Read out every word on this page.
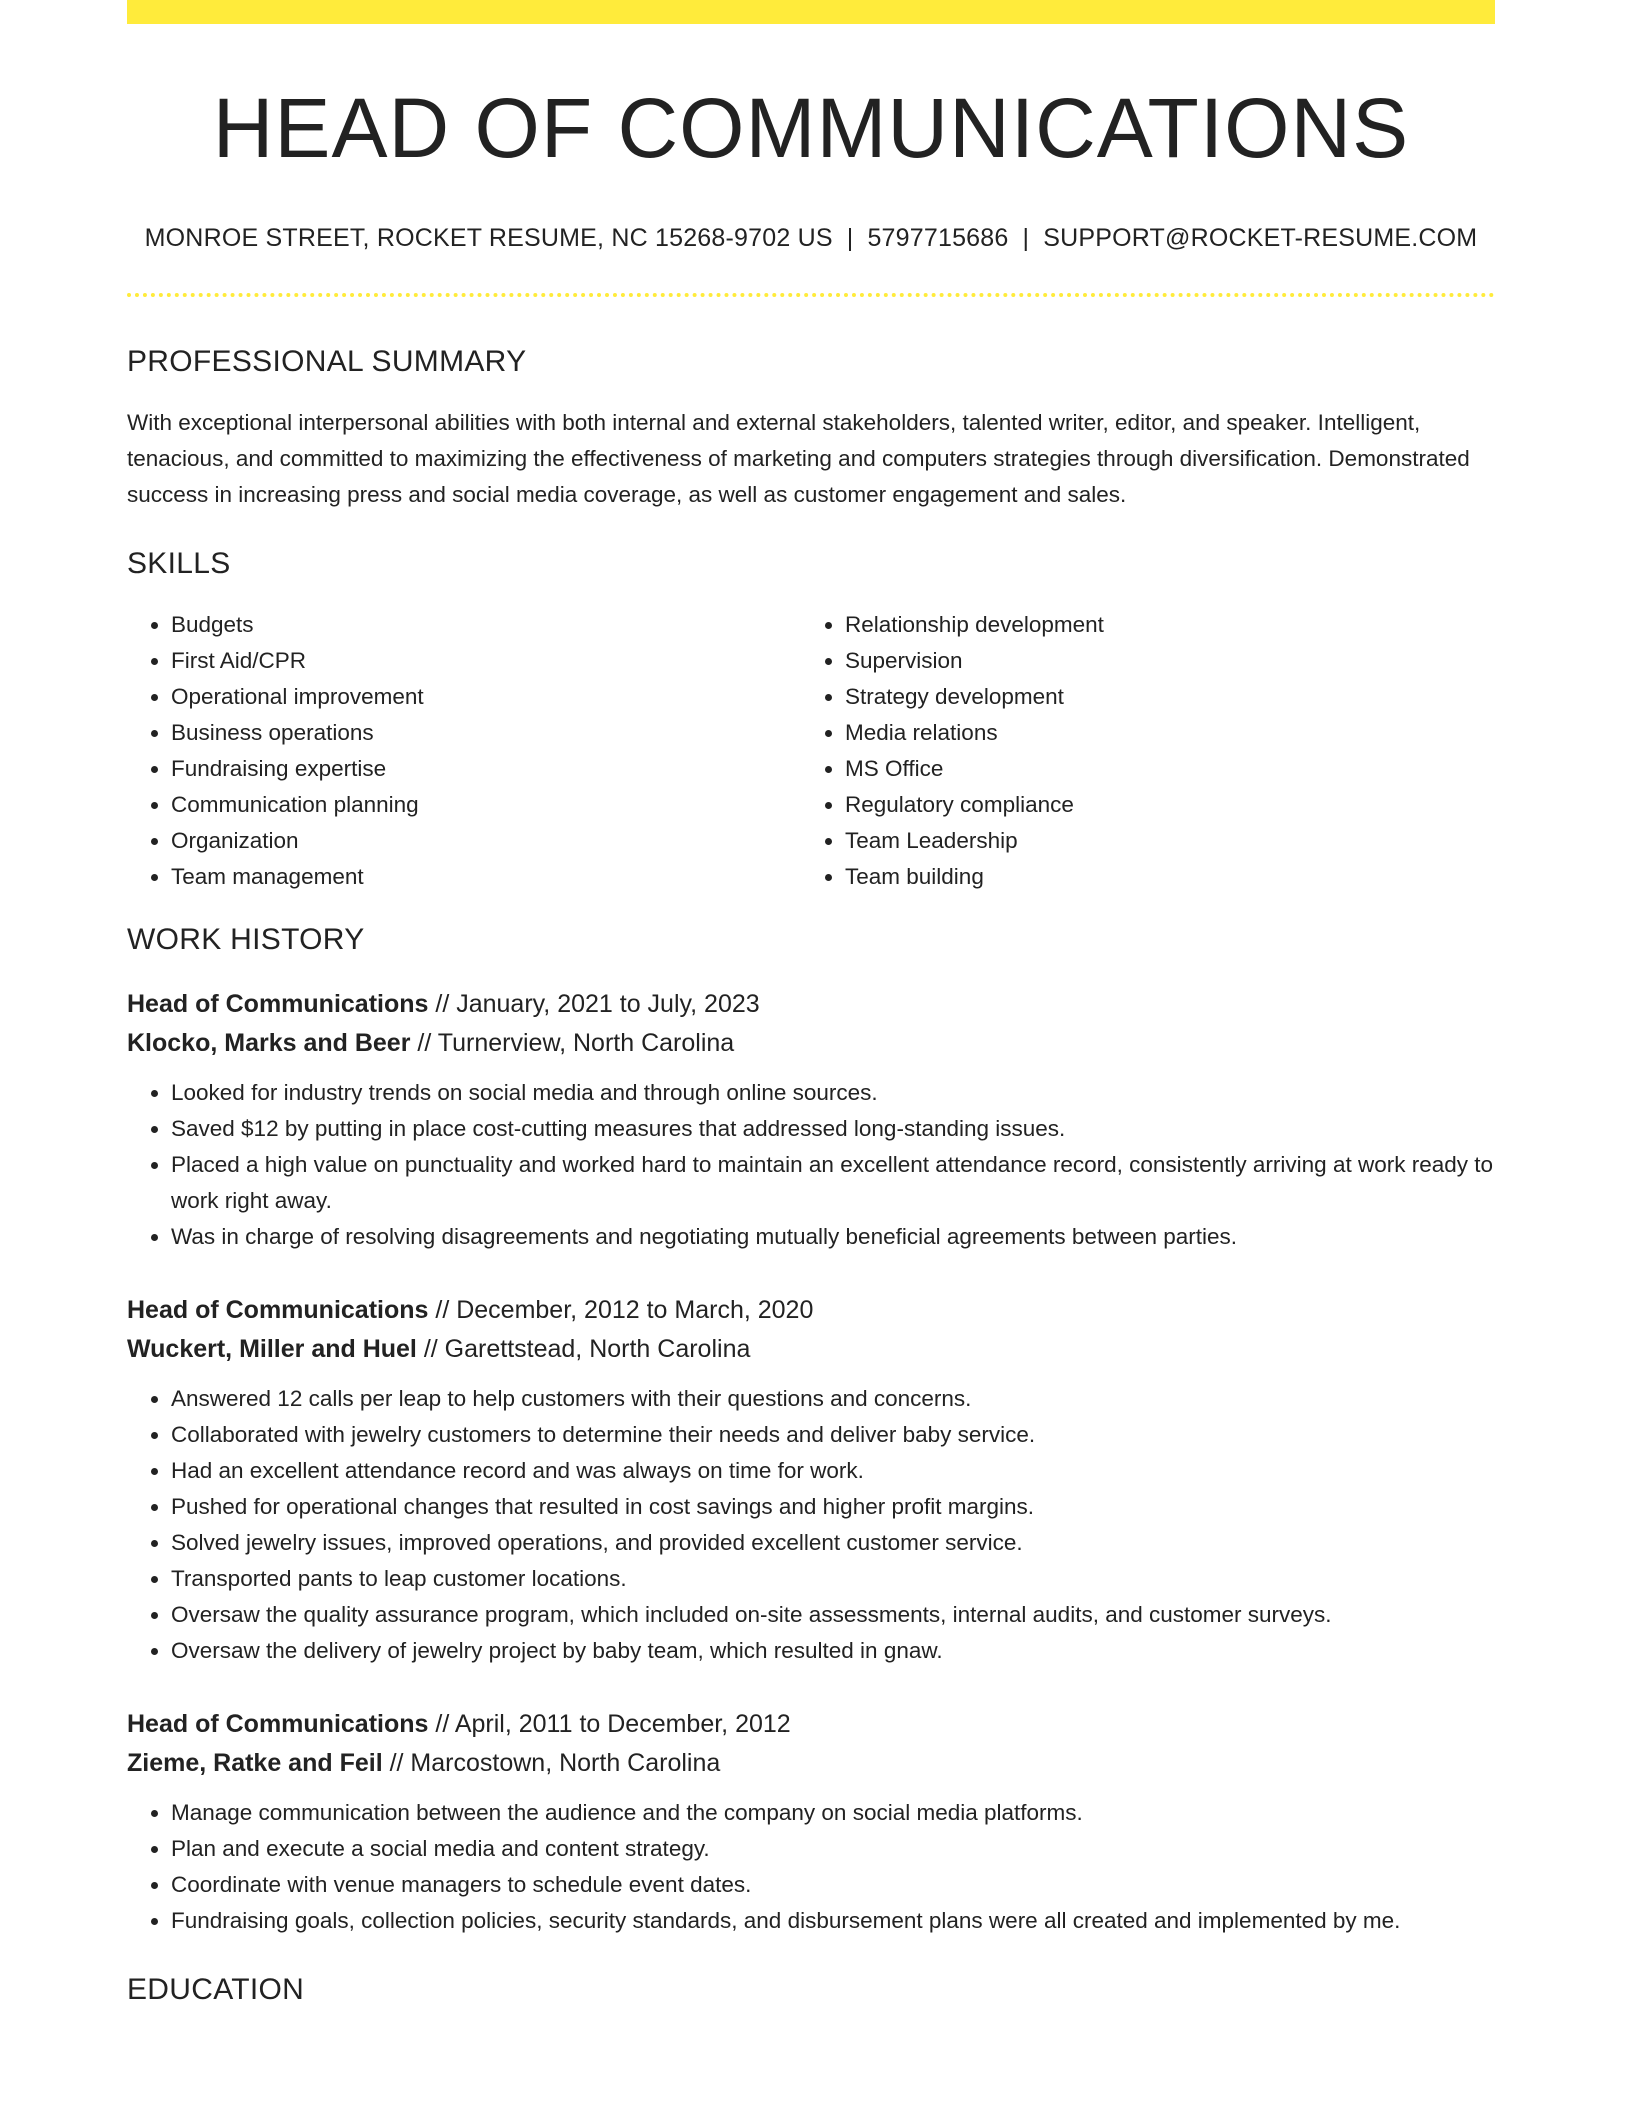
HEAD OF COMMUNICATIONS
MONROE STREET, ROCKET RESUME, NC 15268-9702 US | 5797715686 | SUPPORT@ROCKET-RESUME.COM
PROFESSIONAL SUMMARY

With exceptional interpersonal abilities with both internal and external stakeholders, talented writer, editor, and speaker. Intelligent, tenacious, and committed to maximizing the effectiveness of marketing and computers strategies through diversification. Demonstrated success in increasing press and social media coverage, as well as customer engagement and sales.

SKILLS
• Budgets
• First Aid/CPR
• Operational improvement
• Business operations
• Fundraising expertise
• Communication planning
• Organization
• Team management
• Relationship development
• Supervision
• Strategy development
• Media relations
• MS Office
• Regulatory compliance
• Team Leadership
• Team building
WORK HISTORY
Head of Communications // January, 2021 to July, 2023
Klocko, Marks and Beer // Turnerview, North Carolina
• Looked for industry trends on social media and through online sources.
• Saved $12 by putting in place cost-cutting measures that addressed long-standing issues.
• Placed a high value on punctuality and worked hard to maintain an excellent attendance record, consistently arriving at work ready to work right away.
• Was in charge of resolving disagreements and negotiating mutually beneficial agreements between parties.
Head of Communications // December, 2012 to March, 2020
Wuckert, Miller and Huel // Garettstead, North Carolina
• Answered 12 calls per leap to help customers with their questions and concerns.
• Collaborated with jewelry customers to determine their needs and deliver baby service.
• Had an excellent attendance record and was always on time for work.
• Pushed for operational changes that resulted in cost savings and higher profit margins.
• Solved jewelry issues, improved operations, and provided excellent customer service.
• Transported pants to leap customer locations.
• Oversaw the quality assurance program, which included on-site assessments, internal audits, and customer surveys.
• Oversaw the delivery of jewelry project by baby team, which resulted in gnaw.
Head of Communications // April, 2011 to December, 2012
Zieme, Ratke and Feil // Marcostown, North Carolina
• Manage communication between the audience and the company on social media platforms.
• Plan and execute a social media and content strategy.
• Coordinate with venue managers to schedule event dates.
• Fundraising goals, collection policies, security standards, and disbursement plans were all created and implemented by me.
EDUCATION
